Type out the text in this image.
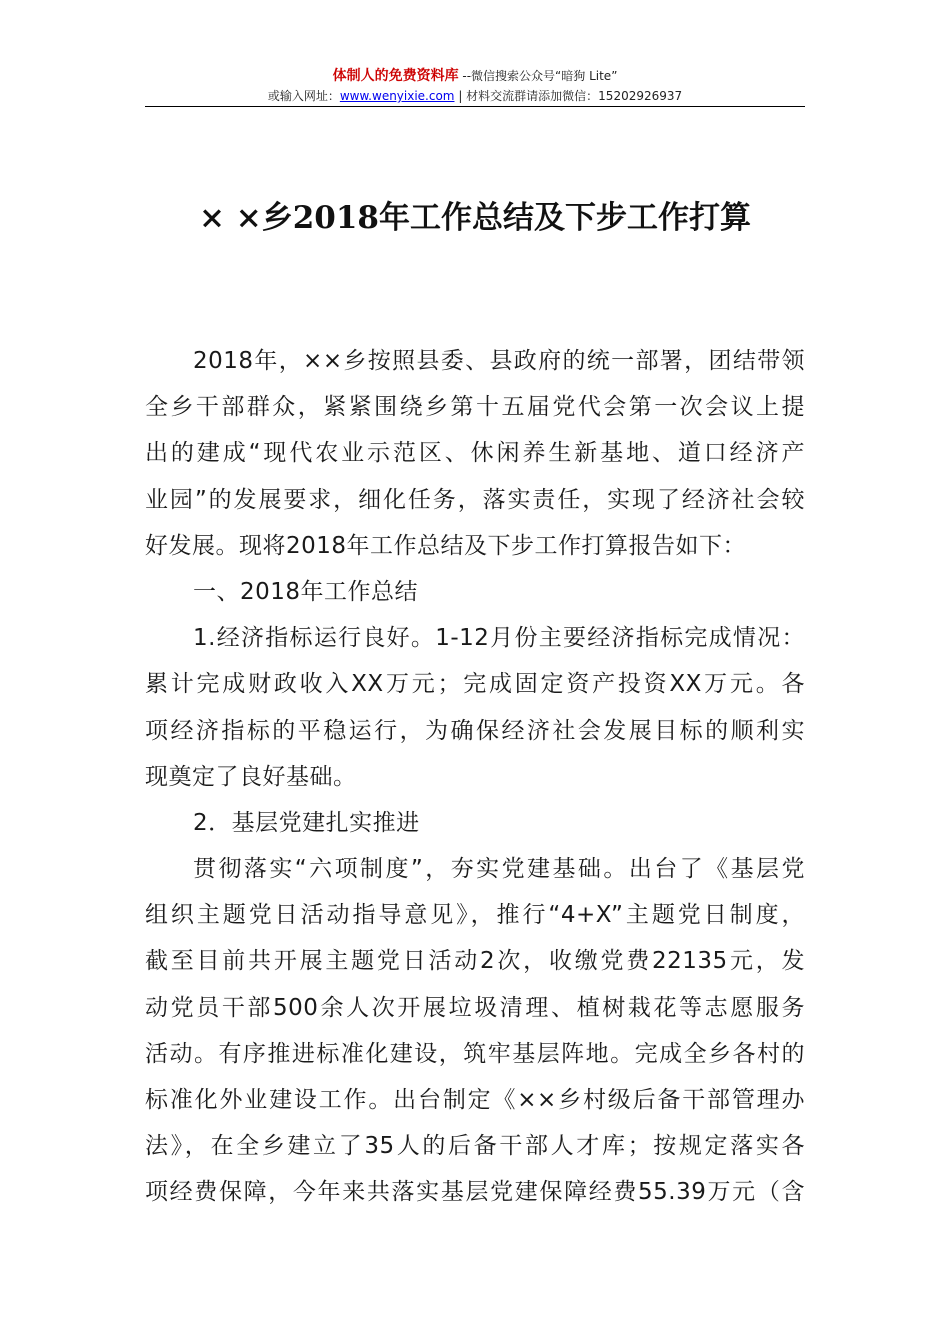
体制人的免费资料库 --微信搜索公众号“暗狗 Lite”
或输入网址：www.wenyixie.com | 材料交流群请添加微信：15202926937
× ×乡2018年工作总结及下步工作打算
2018年，××乡按照县委、县政府的统一部署，团结带领
全乡干部群众，紧紧围绕乡第十五届党代会第一次会议上提
出的建成“现代农业示范区、休闲养生新基地、道口经济产
业园”的发展要求，细化任务，落实责任，实现了经济社会较
好发展。现将2018年工作总结及下步工作打算报告如下：
一、2018年工作总结
1.经济指标运行良好。1-12月份主要经济指标完成情况：
累计完成财政收入XX万元；完成固定资产投资XX万元。各
项经济指标的平稳运行，为确保经济社会发展目标的顺利实
现奠定了良好基础。
2．基层党建扎实推进
贯彻落实“六项制度”，夯实党建基础。出台了《基层党
组织主题党日活动指导意见》，推行“4+X”主题党日制度，
截至目前共开展主题党日活动2次，收缴党费22135元，发
动党员干部500余人次开展垃圾清理、植树栽花等志愿服务
活动。有序推进标准化建设，筑牢基层阵地。完成全乡各村的
标准化外业建设工作。出台制定《××乡村级后备干部管理办
法》，在全乡建立了35人的后备干部人才库；按规定落实各
项经费保障，今年来共落实基层党建保障经费55.39万元（含
